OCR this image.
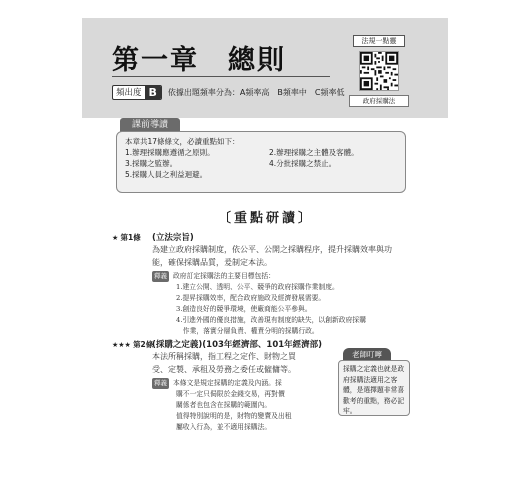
第一章　總則
頻出度 B	依據出題頻率分為：A頻率高　B頻率中　C頻率低
法規一點靈
政府採購法
課前導讀
本章共17條條文，必讀重點如下：
1.辦理採購應遵循之原則。	2.辦理採購之主體及客體。
3.採購之監辦。	4.分批採購之禁止。
5.採購人員之利益迴避。
〔重點研讀〕
★ 第1條 (立法宗旨)
為建立政府採購制度，依公平、公開之採購程序，提升採購效率與功
能，確保採購品質，爰制定本法。
釋義 政府訂定採購法的主要目標包括：
1.建立公開、透明、公平、競爭的政府採購作業制度。
2.提昇採購效率，配合政府施政及經濟發展需要。
3.創造良好的競爭環境，使廠商能公平參與。
4.引進外國的優良措施，改善現有制度的缺失，以創新政府採購
　作業，落實分層負責、權責分明的採購行政。
★★★ 第2條
(採購之定義)(103年經濟部、101年經濟部)
本法所稱採購，指工程之定作、財物之買
受、定製、承租及勞務之委任或僱傭等。
釋義 本條文是規定採購的定義及內涵。採
購不一定只侷限於金錢交易，再對價
關係者也包含在採購的範圍內。
值得特別說明的是，財物的變賣及出租
屬收入行為，並不適用採購法。
老師叮嚀
採購之定義也就是政府採購法適用之客體，是選擇題非常喜歡考的重點，務必記牢。
